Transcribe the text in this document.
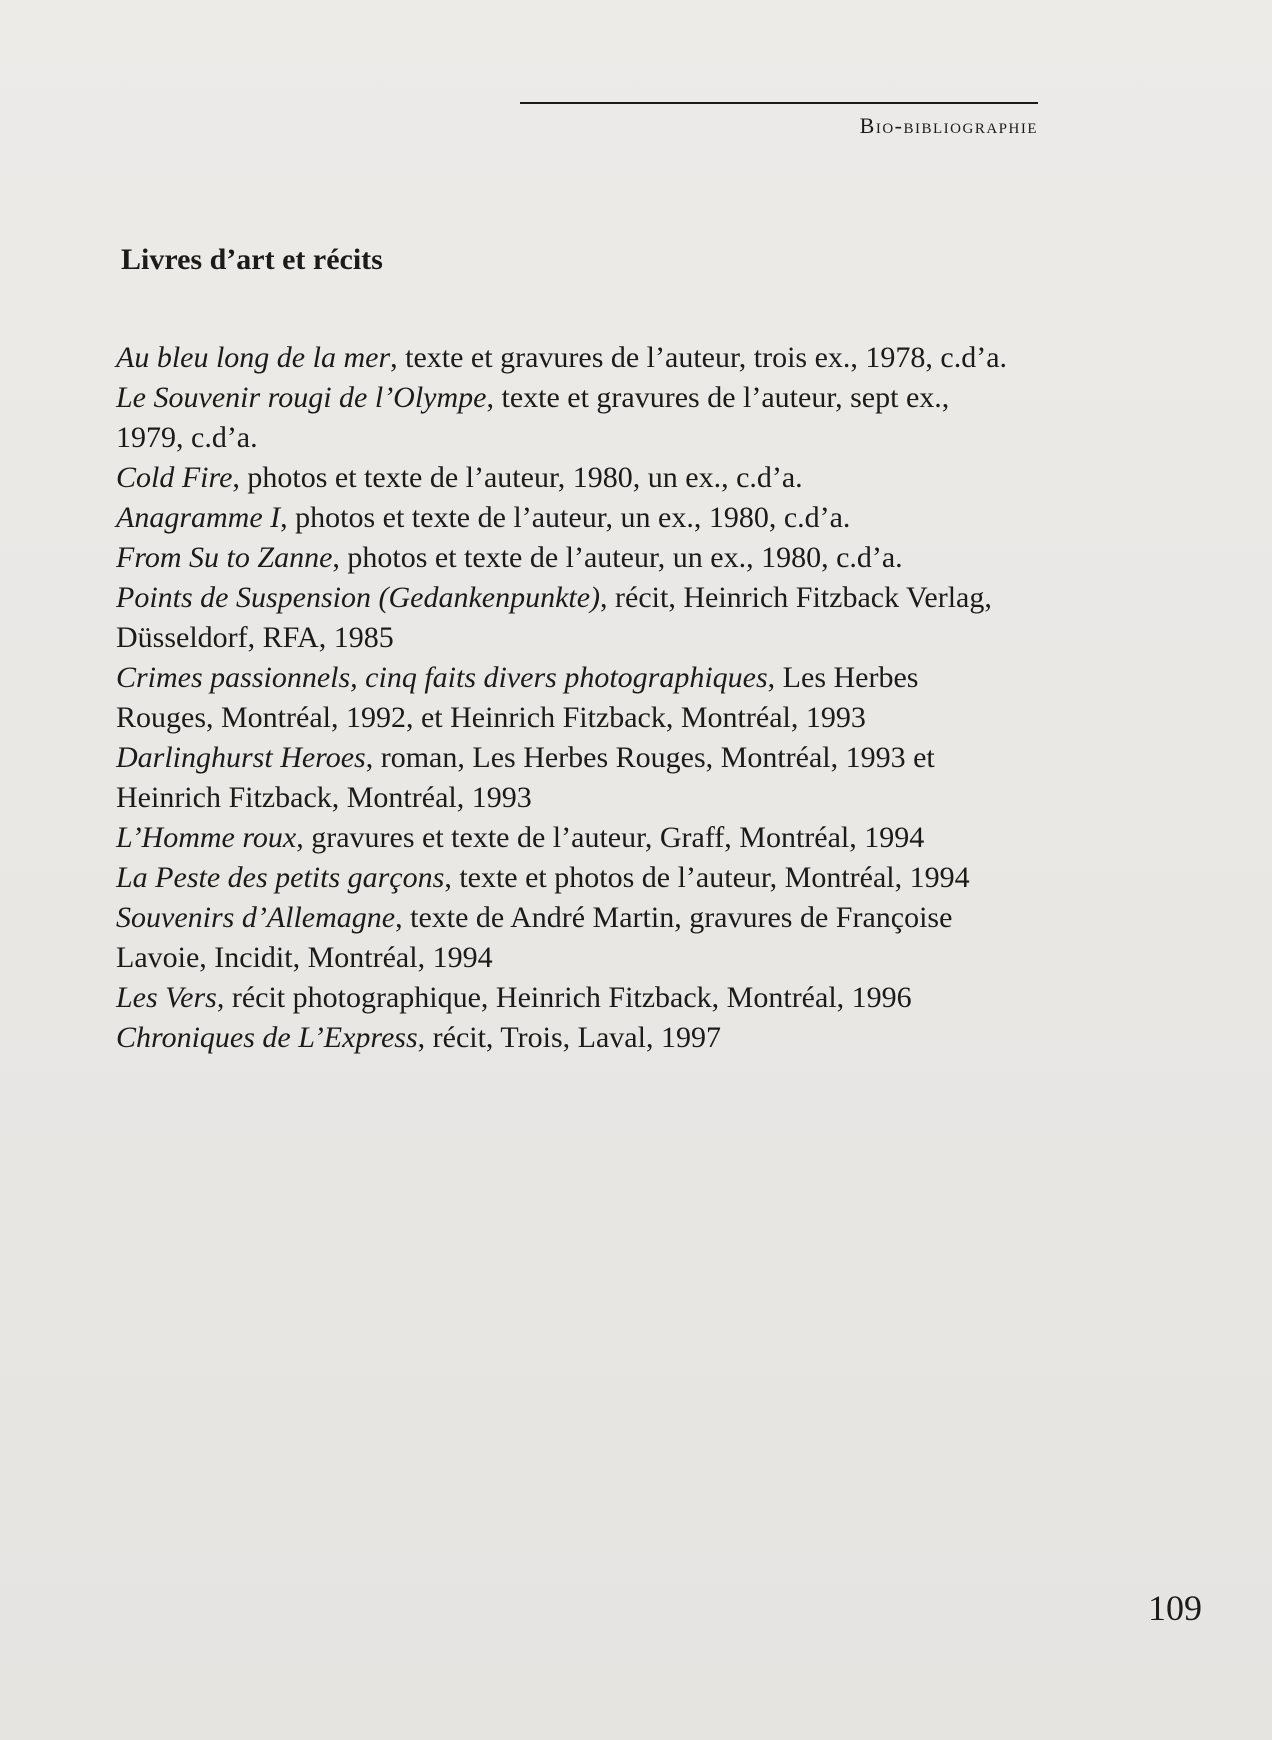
Bio-bibliographie
Livres d’art et récits
Au bleu long de la mer, texte et gravures de l’auteur, trois ex., 1978, c.d’a.
Le Souvenir rougi de l’Olympe, texte et gravures de l’auteur, sept ex., 1979, c.d’a.
Cold Fire, photos et texte de l’auteur, 1980, un ex., c.d’a.
Anagramme I, photos et texte de l’auteur, un ex., 1980, c.d’a.
From Su to Zanne, photos et texte de l’auteur, un ex., 1980, c.d’a.
Points de Suspension (Gedankenpunkte), récit, Heinrich Fitzback Verlag, Düsseldorf, RFA, 1985
Crimes passionnels, cinq faits divers photographiques, Les Herbes Rouges, Montréal, 1992, et Heinrich Fitzback, Montréal, 1993
Darlinghurst Heroes, roman, Les Herbes Rouges, Montréal, 1993 et Heinrich Fitzback, Montréal, 1993
L’Homme roux, gravures et texte de l’auteur, Graff, Montréal, 1994
La Peste des petits garçons, texte et photos de l’auteur, Montréal, 1994
Souvenirs d’Allemagne, texte de André Martin, gravures de Françoise Lavoie, Incidit, Montréal, 1994
Les Vers, récit photographique, Heinrich Fitzback, Montréal, 1996
Chroniques de L’Express, récit, Trois, Laval, 1997
109
